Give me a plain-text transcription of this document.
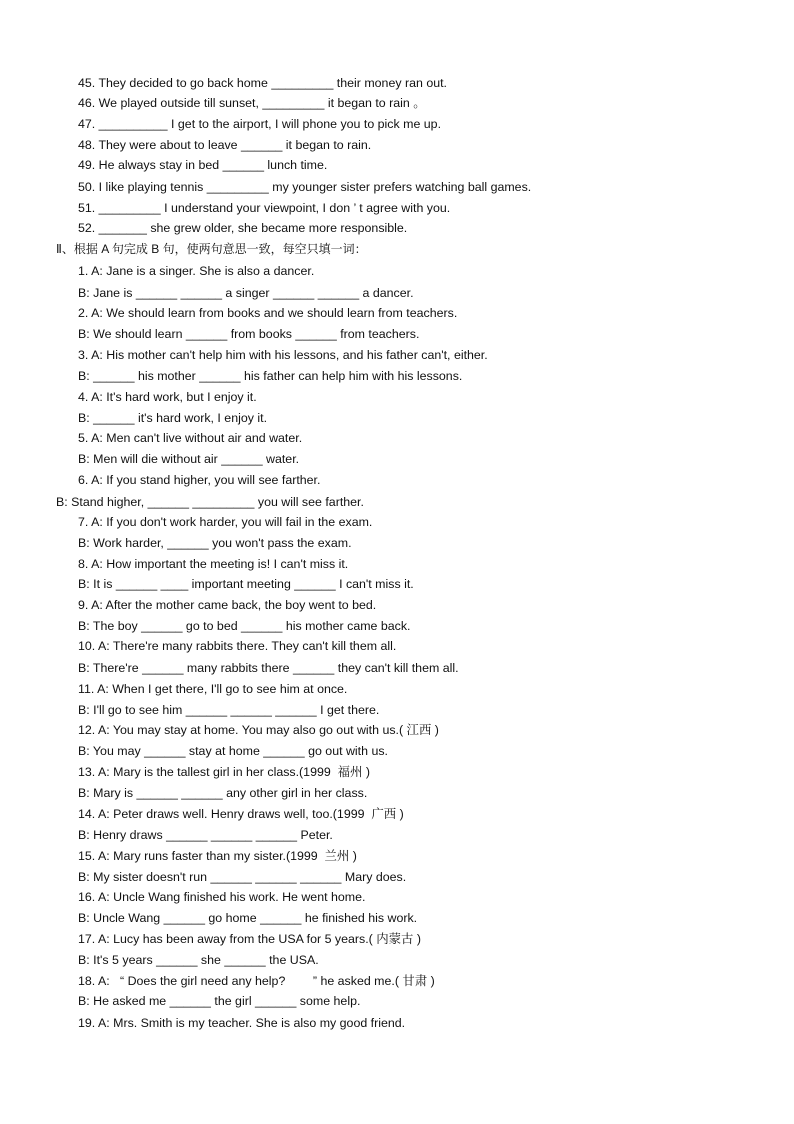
45. They decided to go back home _________ their money ran out.
46. We played outside till sunset, _________ it began to rain 。
47. __________ I get to the airport, I will phone you to pick me up.
48. They were about to leave ______ it began to rain.
49. He always stay in bed ______ lunch time.
50. I like playing tennis _________ my younger sister prefers watching ball games.
51. _________ I understand your viewpoint, I don ’ t agree with you.
52. _______ she grew older, she became more responsible.
Ⅱ、根据 A 句完成 B 句，使两句意思一致，每空只填一词：
1. A: Jane is a singer. She is also a dancer.
B: Jane is ______ ______ a singer ______ ______ a dancer.
2. A: We should learn from books and we should learn from teachers.
B: We should learn ______ from books ______ from teachers.
3. A: His mother can't help him with his lessons, and his father can't, either.
B: ______ his mother ______ his father can help him with his lessons.
4. A: It's hard work, but I enjoy it.
B: ______ it's hard work, I enjoy it.
5. A: Men can't live without air and water.
B: Men will die without air ______ water.
6. A: If you stand higher, you will see farther.
B: Stand higher, ______ _________ you will see farther.
7. A: If you don't work harder, you will fail in the exam.
B: Work harder, ______ you won't pass the exam.
8. A: How important the meeting is! I can't miss it.
B: It is ______ ____ important meeting ______ I can't miss it.
9. A: After the mother came back, the boy went to bed.
B: The boy ______ go to bed ______ his mother came back.
10. A: There're many rabbits there. They can't kill them all.
B: There're ______ many rabbits there ______ they can't kill them all.
11. A: When I get there, I'll go to see him at once.
B: I'll go to see him ______ ______ ______ I get there.
12. A: You may stay at home. You may also go out with us.( 江西 )
B: You may ______ stay at home ______ go out with us.
13. A: Mary is the tallest girl in her class.(1999  福州 )
B: Mary is ______ ______ any other girl in her class.
14. A: Peter draws well. Henry draws well, too.(1999  广西 )
B: Henry draws ______ ______ ______ Peter.
15. A: Mary runs faster than my sister.(1999  兰州 )
B: My sister doesn't run ______ ______ ______ Mary does.
16. A: Uncle Wang finished his work. He went home.
B: Uncle Wang ______ go home ______ he finished his work.
17. A: Lucy has been away from the USA for 5 years.( 内蒙古 )
B: It's 5 years ______ she ______ the USA.
18. A:   “ Does the girl need any help?        ” he asked me.( 甘肃 )
B: He asked me ______ the girl ______ some help.
19. A: Mrs. Smith is my teacher. She is also my good friend.
